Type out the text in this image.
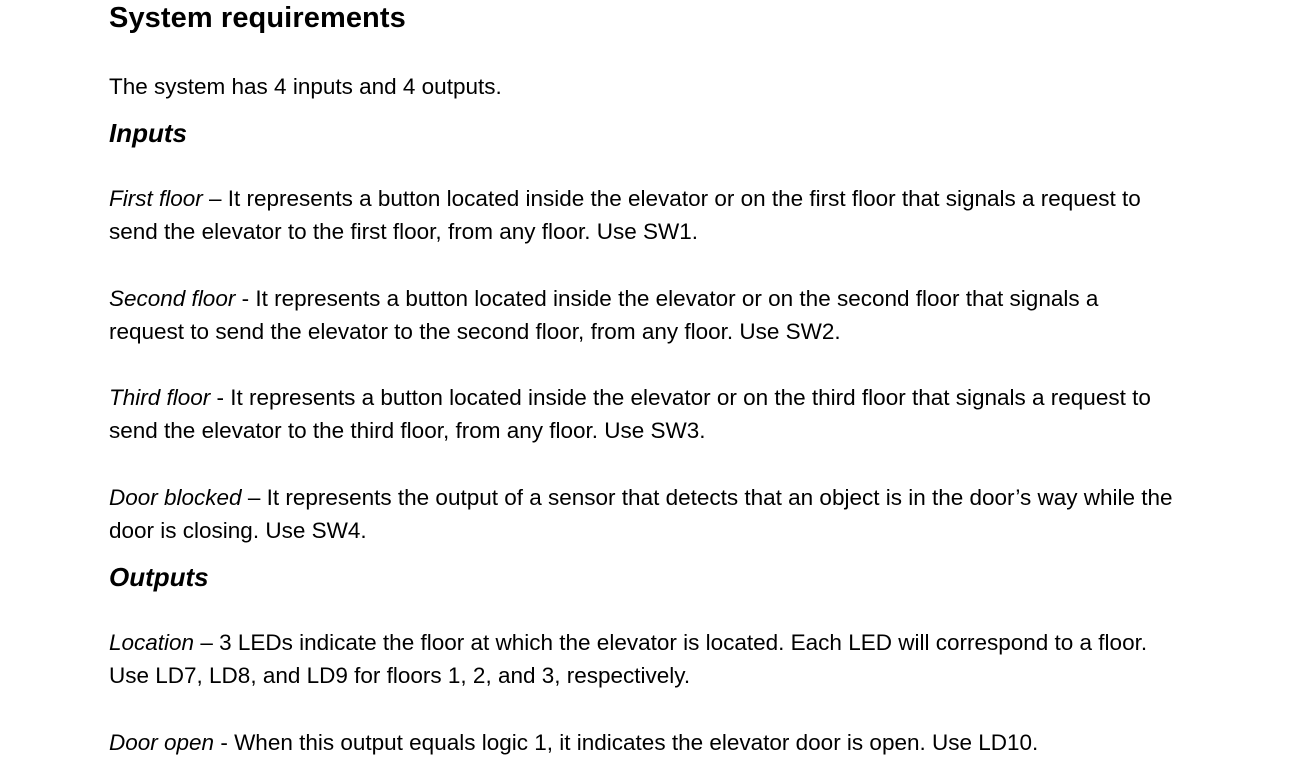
System requirements

The system has 4 inputs and 4 outputs.

Inputs

First floor – It represents a button located inside the elevator or on the first floor that signals a request to send the elevator to the first floor, from any floor. Use SW1.

Second floor - It represents a button located inside the elevator or on the second floor that signals a request to send the elevator to the second floor, from any floor. Use SW2.

Third floor - It represents a button located inside the elevator or on the third floor that signals a request to send the elevator to the third floor, from any floor. Use SW3.

Door blocked – It represents the output of a sensor that detects that an object is in the door’s way while the door is closing. Use SW4.

Outputs

Location – 3 LEDs indicate the floor at which the elevator is located. Each LED will correspond to a floor. Use LD7, LD8, and LD9 for floors 1, 2, and 3, respectively.

Door open - When this output equals logic 1, it indicates the elevator door is open. Use LD10.
